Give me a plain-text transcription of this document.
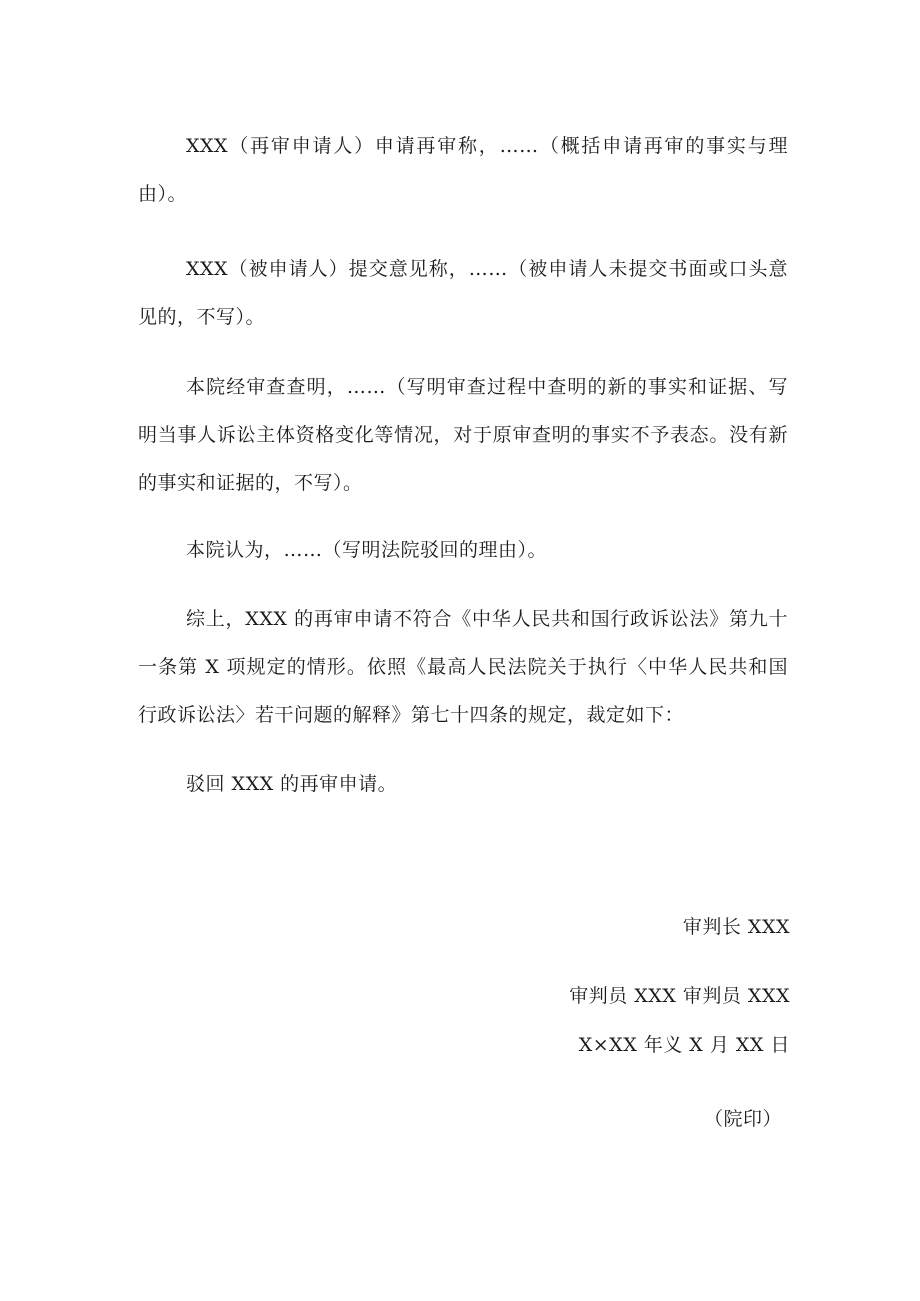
XXX（再审申请人）申请再审称，……（概括申请再审的事实与理由）。

XXX（被申请人）提交意见称，……（被申请人未提交书面或口头意见的，不写）。

本院经审查查明，……（写明审查过程中查明的新的事实和证据、写明当事人诉讼主体资格变化等情况，对于原审查明的事实不予表态。没有新的事实和证据的，不写）。

本院认为，……（写明法院驳回的理由）。

综上，XXX 的再审申请不符合《中华人民共和国行政诉讼法》第九十一条第 X 项规定的情形。依照《最高人民法院关于执行〈中华人民共和国行政诉讼法〉若干问题的解释》第七十四条的规定，裁定如下：

驳回 XXX 的再审申请。

审判长 XXX

审判员 XXX 审判员 XXX

X×XX 年义 X 月 XX 日

（院印）
